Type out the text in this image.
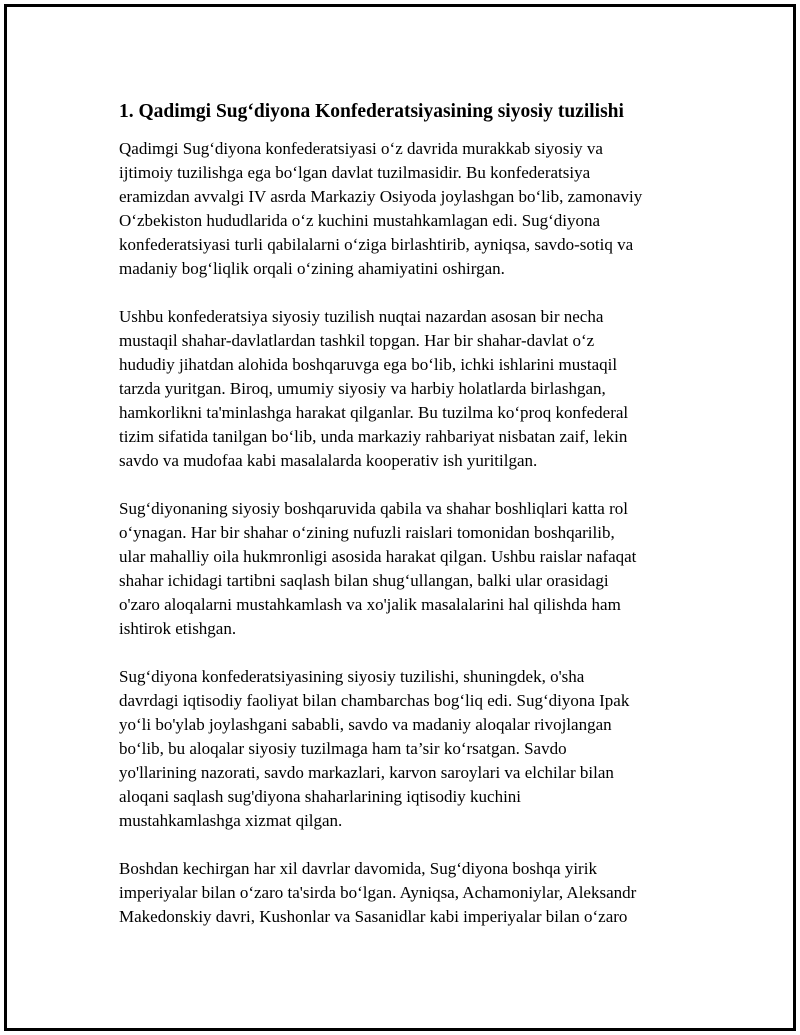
1. Qadimgi Sug‘diyona Konfederatsiyasining siyosiy tuzilishi

Qadimgi Sug‘diyona konfederatsiyasi o‘z davrida murakkab siyosiy va
ijtimoiy tuzilishga ega bo‘lgan davlat tuzilmasidir. Bu konfederatsiya
eramizdan avvalgi IV asrda Markaziy Osiyoda joylashgan bo‘lib, zamonaviy
O‘zbekiston hududlarida o‘z kuchini mustahkamlagan edi. Sug‘diyona
konfederatsiyasi turli qabilalarni o‘ziga birlashtirib, ayniqsa, savdo-sotiq va
madaniy bog‘liqlik orqali o‘zining ahamiyatini oshirgan.

Ushbu konfederatsiya siyosiy tuzilish nuqtai nazardan asosan bir necha
mustaqil shahar-davlatlardan tashkil topgan. Har bir shahar-davlat o‘z
hududiy jihatdan alohida boshqaruvga ega bo‘lib, ichki ishlarini mustaqil
tarzda yuritgan. Biroq, umumiy siyosiy va harbiy holatlarda birlashgan,
hamkorlikni ta'minlashga harakat qilganlar. Bu tuzilma ko‘proq konfederal
tizim sifatida tanilgan bo‘lib, unda markaziy rahbariyat nisbatan zaif, lekin
savdo va mudofaa kabi masalalarda kooperativ ish yuritilgan.

Sug‘diyonaning siyosiy boshqaruvida qabila va shahar boshliqlari katta rol
o‘ynagan. Har bir shahar o‘zining nufuzli raislari tomonidan boshqarilib,
ular mahalliy oila hukmronligi asosida harakat qilgan. Ushbu raislar nafaqat
shahar ichidagi tartibni saqlash bilan shug‘ullangan, balki ular orasidagi
o'zaro aloqalarni mustahkamlash va xo'jalik masalalarini hal qilishda ham
ishtirok etishgan.

Sug‘diyona konfederatsiyasining siyosiy tuzilishi, shuningdek, o'sha
davrdagi iqtisodiy faoliyat bilan chambarchas bog‘liq edi. Sug‘diyona Ipak
yo‘li bo'ylab joylashgani sababli, savdo va madaniy aloqalar rivojlangan
bo‘lib, bu aloqalar siyosiy tuzilmaga ham ta’sir ko‘rsatgan. Savdo
yo'llarining nazorati, savdo markazlari, karvon saroylari va elchilar bilan
aloqani saqlash sug'diyona shaharlarining iqtisodiy kuchini
mustahkamlashga xizmat qilgan.

Boshdan kechirgan har xil davrlar davomida, Sug‘diyona boshqa yirik
imperiyalar bilan o‘zaro ta'sirda bo‘lgan. Ayniqsa, Achamoniylar, Aleksandr
Makedonskiy davri, Kushonlar va Sasanidlar kabi imperiyalar bilan o‘zaro
